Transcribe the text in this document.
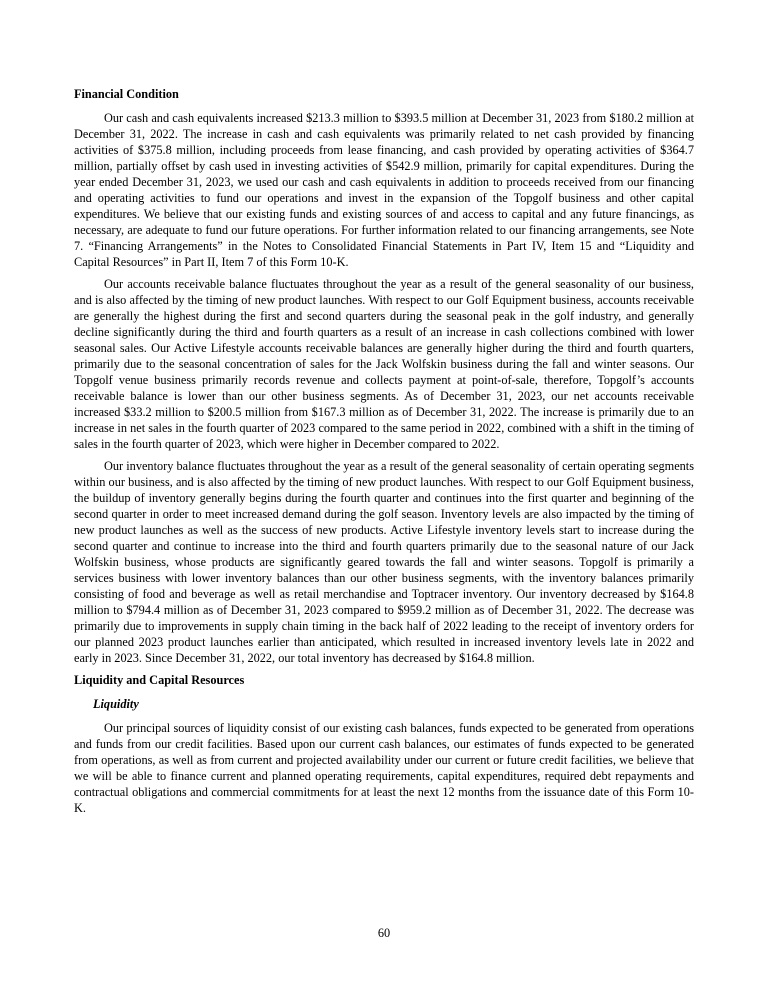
Financial Condition

Our cash and cash equivalents increased $213.3 million to $393.5 million at December 31, 2023 from $180.2 million at December 31, 2022. The increase in cash and cash equivalents was primarily related to net cash provided by financing activities of $375.8 million, including proceeds from lease financing, and cash provided by operating activities of $364.7 million, partially offset by cash used in investing activities of $542.9 million, primarily for capital expenditures. During the year ended December 31, 2023, we used our cash and cash equivalents in addition to proceeds received from our financing and operating activities to fund our operations and invest in the expansion of the Topgolf business and other capital expenditures. We believe that our existing funds and existing sources of and access to capital and any future financings, as necessary, are adequate to fund our future operations. For further information related to our financing arrangements, see Note 7. “Financing Arrangements” in the Notes to Consolidated Financial Statements in Part IV, Item 15 and “Liquidity and Capital Resources” in Part II, Item 7 of this Form 10-K.

Our accounts receivable balance fluctuates throughout the year as a result of the general seasonality of our business, and is also affected by the timing of new product launches. With respect to our Golf Equipment business, accounts receivable are generally the highest during the first and second quarters during the seasonal peak in the golf industry, and generally decline significantly during the third and fourth quarters as a result of an increase in cash collections combined with lower seasonal sales. Our Active Lifestyle accounts receivable balances are generally higher during the third and fourth quarters, primarily due to the seasonal concentration of sales for the Jack Wolfskin business during the fall and winter seasons. Our Topgolf venue business primarily records revenue and collects payment at point-of-sale, therefore, Topgolf’s accounts receivable balance is lower than our other business segments. As of December 31, 2023, our net accounts receivable increased $33.2 million to $200.5 million from $167.3 million as of December 31, 2022. The increase is primarily due to an increase in net sales in the fourth quarter of 2023 compared to the same period in 2022, combined with a shift in the timing of sales in the fourth quarter of 2023, which were higher in December compared to 2022.

Our inventory balance fluctuates throughout the year as a result of the general seasonality of certain operating segments within our business, and is also affected by the timing of new product launches. With respect to our Golf Equipment business, the buildup of inventory generally begins during the fourth quarter and continues into the first quarter and beginning of the second quarter in order to meet increased demand during the golf season. Inventory levels are also impacted by the timing of new product launches as well as the success of new products. Active Lifestyle inventory levels start to increase during the second quarter and continue to increase into the third and fourth quarters primarily due to the seasonal nature of our Jack Wolfskin business, whose products are significantly geared towards the fall and winter seasons. Topgolf is primarily a services business with lower inventory balances than our other business segments, with the inventory balances primarily consisting of food and beverage as well as retail merchandise and Toptracer inventory. Our inventory decreased by $164.8 million to $794.4 million as of December 31, 2023 compared to $959.2 million as of December 31, 2022. The decrease was primarily due to improvements in supply chain timing in the back half of 2022 leading to the receipt of inventory orders for our planned 2023 product launches earlier than anticipated, which resulted in increased inventory levels late in 2022 and early in 2023. Since December 31, 2022, our total inventory has decreased by $164.8 million.

Liquidity and Capital Resources
Liquidity

Our principal sources of liquidity consist of our existing cash balances, funds expected to be generated from operations and funds from our credit facilities. Based upon our current cash balances, our estimates of funds expected to be generated from operations, as well as from current and projected availability under our current or future credit facilities, we believe that we will be able to finance current and planned operating requirements, capital expenditures, required debt repayments and contractual obligations and commercial commitments for at least the next 12 months from the issuance date of this Form 10-K.

60
